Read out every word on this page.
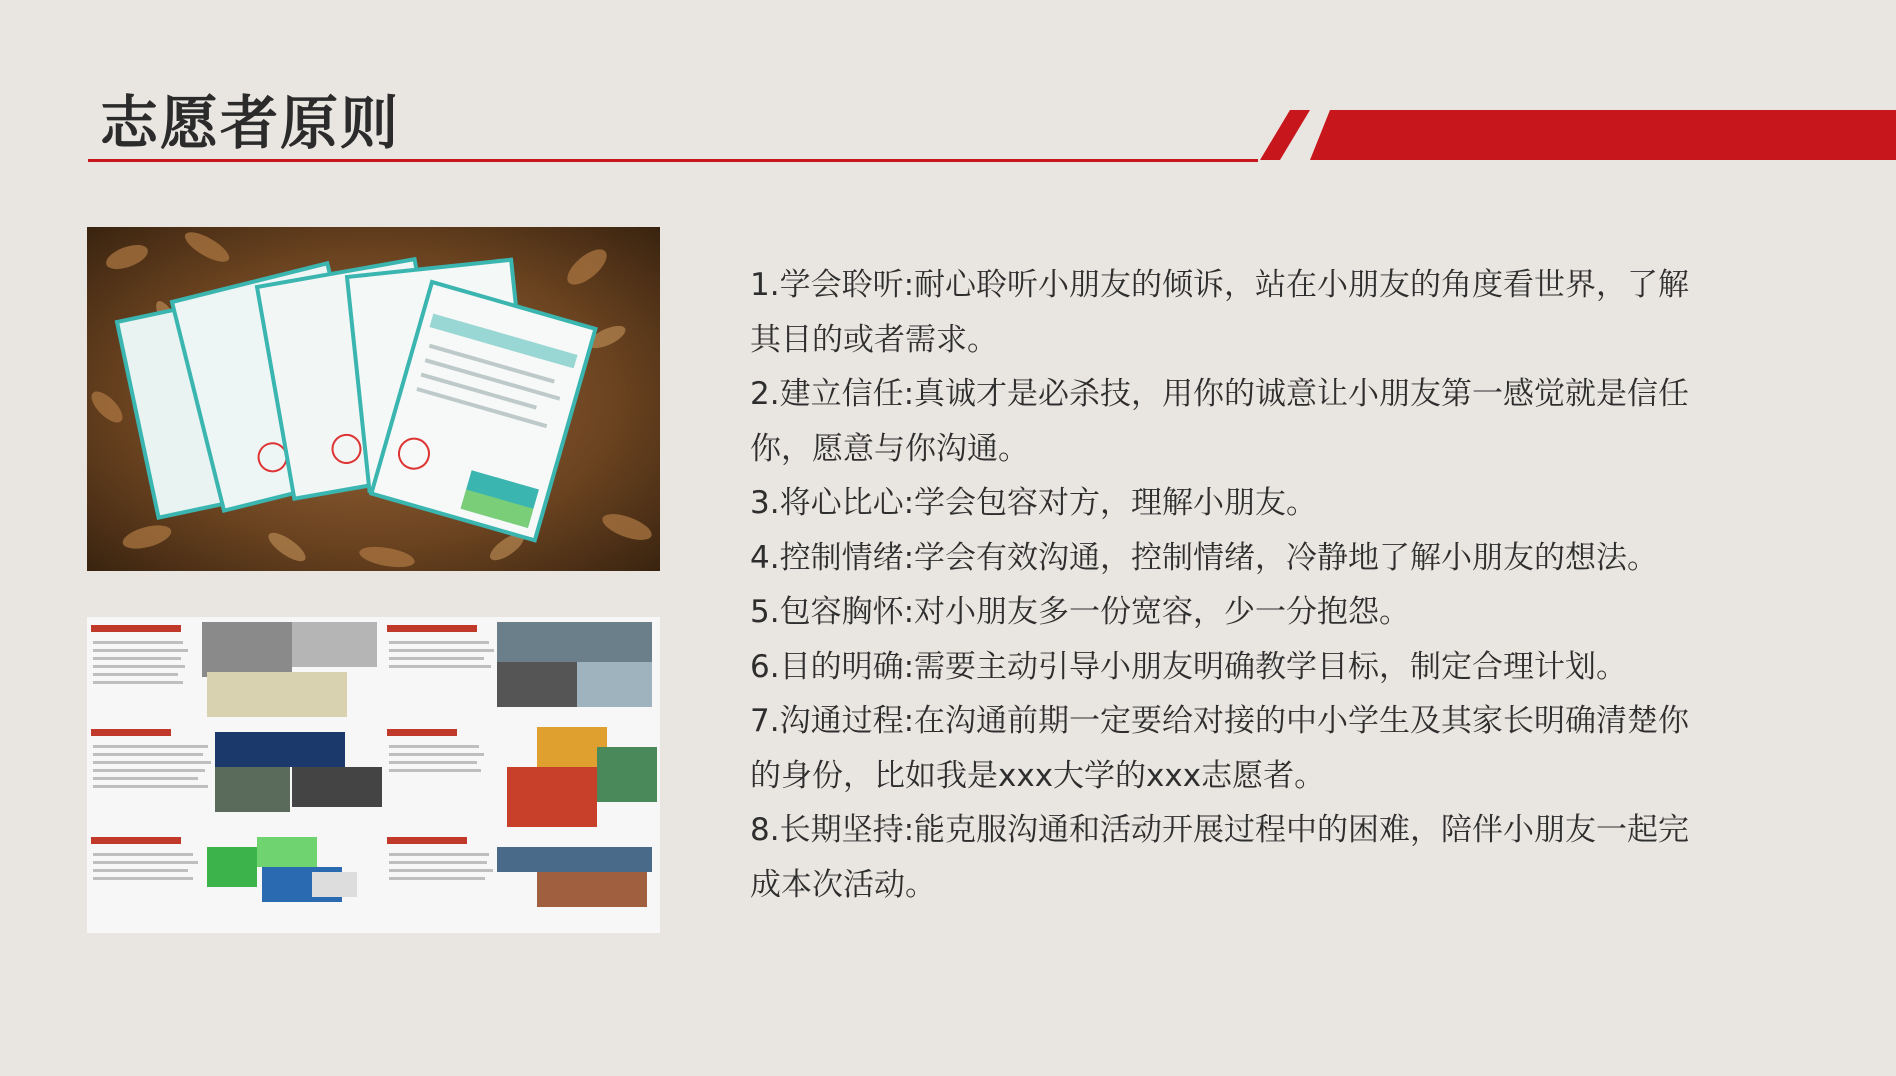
志愿者原则
1.学会聆听:耐心聆听小朋友的倾诉，站在小朋友的角度看世界，了解其目的或者需求。
2.建立信任:真诚才是必杀技，用你的诚意让小朋友第一感觉就是信任你，愿意与你沟通。
3.将心比心:学会包容对方，理解小朋友。
4.控制情绪:学会有效沟通，控制情绪，冷静地了解小朋友的想法。
5.包容胸怀:对小朋友多一份宽容，少一分抱怨。
6.目的明确:需要主动引导小朋友明确教学目标，制定合理计划。
7.沟通过程:在沟通前期一定要给对接的中小学生及其家长明确清楚你的身份，比如我是xxx大学的xxx志愿者。
8.长期坚持:能克服沟通和活动开展过程中的困难，陪伴小朋友一起完成本次活动。
